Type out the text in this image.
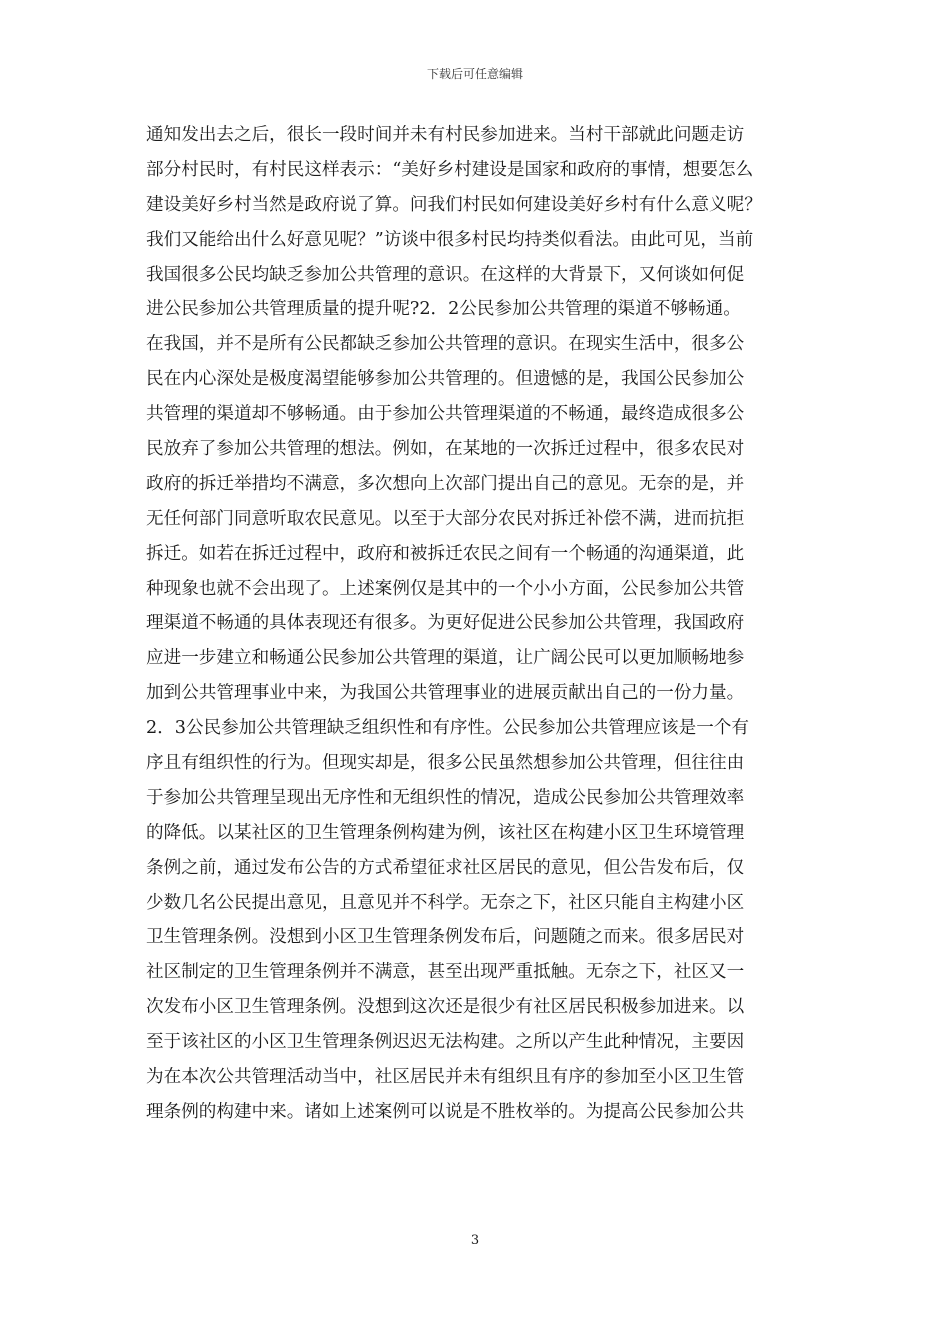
下载后可任意编辑
通知发出去之后，很长一段时间并未有村民参加进来。当村干部就此问题走访
部分村民时，有村民这样表示：“美好乡村建设是国家和政府的事情，想要怎么
建设美好乡村当然是政府说了算。问我们村民如何建设美好乡村有什么意义呢？
我们又能给出什么好意见呢？”访谈中很多村民均持类似看法。由此可见，当前
我国很多公民均缺乏参加公共管理的意识。在这样的大背景下，又何谈如何促
进公民参加公共管理质量的提升呢?2．2公民参加公共管理的渠道不够畅通。
在我国，并不是所有公民都缺乏参加公共管理的意识。在现实生活中，很多公
民在内心深处是极度渴望能够参加公共管理的。但遗憾的是，我国公民参加公
共管理的渠道却不够畅通。由于参加公共管理渠道的不畅通，最终造成很多公
民放弃了参加公共管理的想法。例如，在某地的一次拆迁过程中，很多农民对
政府的拆迁举措均不满意，多次想向上次部门提出自己的意见。无奈的是，并
无任何部门同意听取农民意见。以至于大部分农民对拆迁补偿不满，进而抗拒
拆迁。如若在拆迁过程中，政府和被拆迁农民之间有一个畅通的沟通渠道，此
种现象也就不会出现了。上述案例仅是其中的一个小小方面，公民参加公共管
理渠道不畅通的具体表现还有很多。为更好促进公民参加公共管理，我国政府
应进一步建立和畅通公民参加公共管理的渠道，让广阔公民可以更加顺畅地参
加到公共管理事业中来，为我国公共管理事业的进展贡献出自己的一份力量。
2．3公民参加公共管理缺乏组织性和有序性。公民参加公共管理应该是一个有
序且有组织性的行为。但现实却是，很多公民虽然想参加公共管理，但往往由
于参加公共管理呈现出无序性和无组织性的情况，造成公民参加公共管理效率
的降低。以某社区的卫生管理条例构建为例，该社区在构建小区卫生环境管理
条例之前，通过发布公告的方式希望征求社区居民的意见，但公告发布后，仅
少数几名公民提出意见，且意见并不科学。无奈之下，社区只能自主构建小区
卫生管理条例。没想到小区卫生管理条例发布后，问题随之而来。很多居民对
社区制定的卫生管理条例并不满意，甚至出现严重抵触。无奈之下，社区又一
次发布小区卫生管理条例。没想到这次还是很少有社区居民积极参加进来。以
至于该社区的小区卫生管理条例迟迟无法构建。之所以产生此种情况，主要因
为在本次公共管理活动当中，社区居民并未有组织且有序的参加至小区卫生管
理条例的构建中来。诸如上述案例可以说是不胜枚举的。为提高公民参加公共
3
